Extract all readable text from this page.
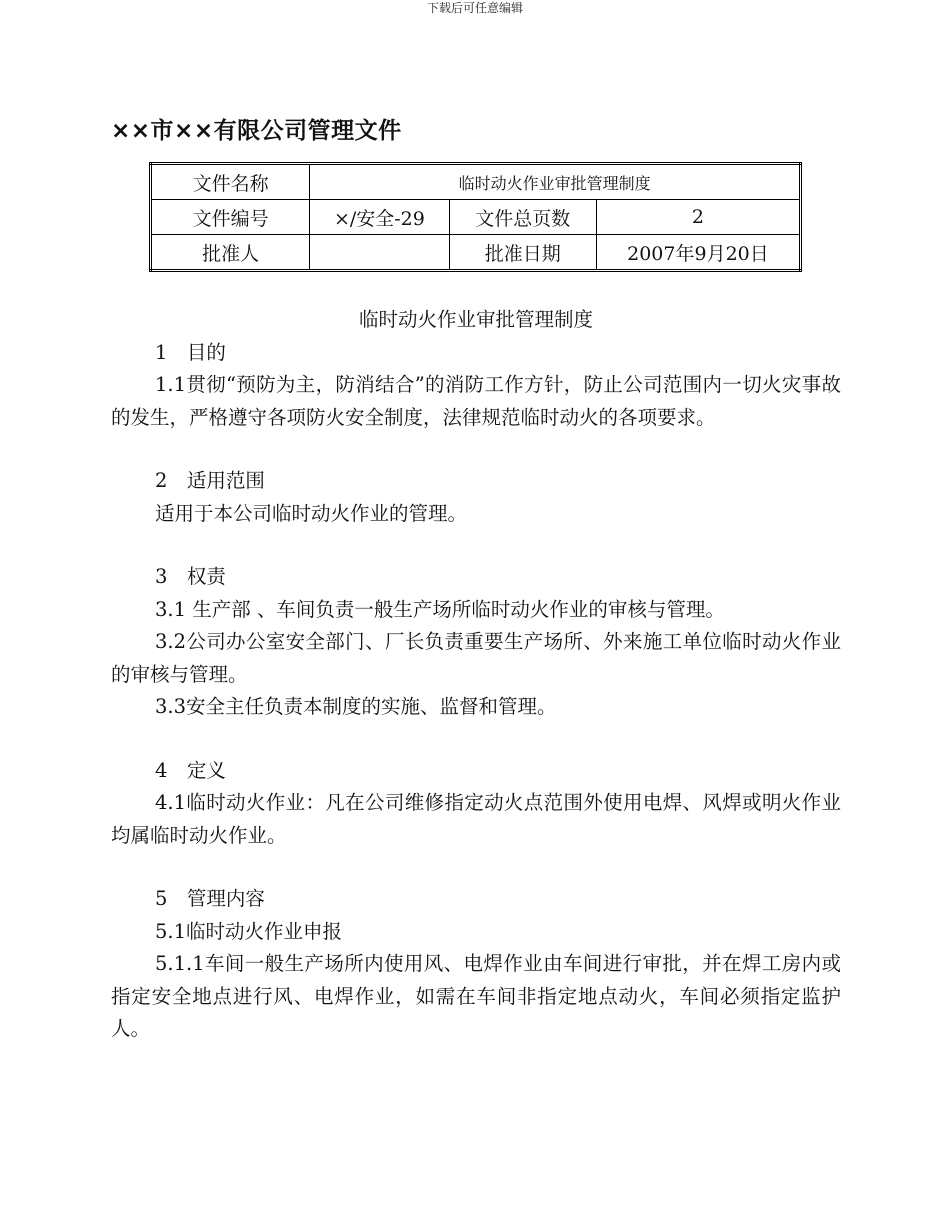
下载后可任意编辑
××市××有限公司管理文件
文件名称	临时动火作业审批管理制度		
文件编号	×/安全-29	文件总页数	2
批准人		批准日期	2007年9月20日

临时动火作业审批管理制度

1　目的

1.1贯彻“预防为主，防消结合”的消防工作方针，防止公司范围内一切火灾事故的发生，严格遵守各项防火安全制度，法律规范临时动火的各项要求。

2　适用范围

适用于本公司临时动火作业的管理。

3　权责

3.1 生产部 、车间负责一般生产场所临时动火作业的审核与管理。

3.2公司办公室安全部门、厂长负责重要生产场所、外来施工单位临时动火作业的审核与管理。

3.3安全主任负责本制度的实施、监督和管理。

4　定义

4.1临时动火作业：凡在公司维修指定动火点范围外使用电焊、风焊或明火作业均属临时动火作业。

5　管理内容

5.1临时动火作业申报

5.1.1车间一般生产场所内使用风、电焊作业由车间进行审批，并在焊工房内或指定安全地点进行风、电焊作业，如需在车间非指定地点动火，车间必须指定监护人。
